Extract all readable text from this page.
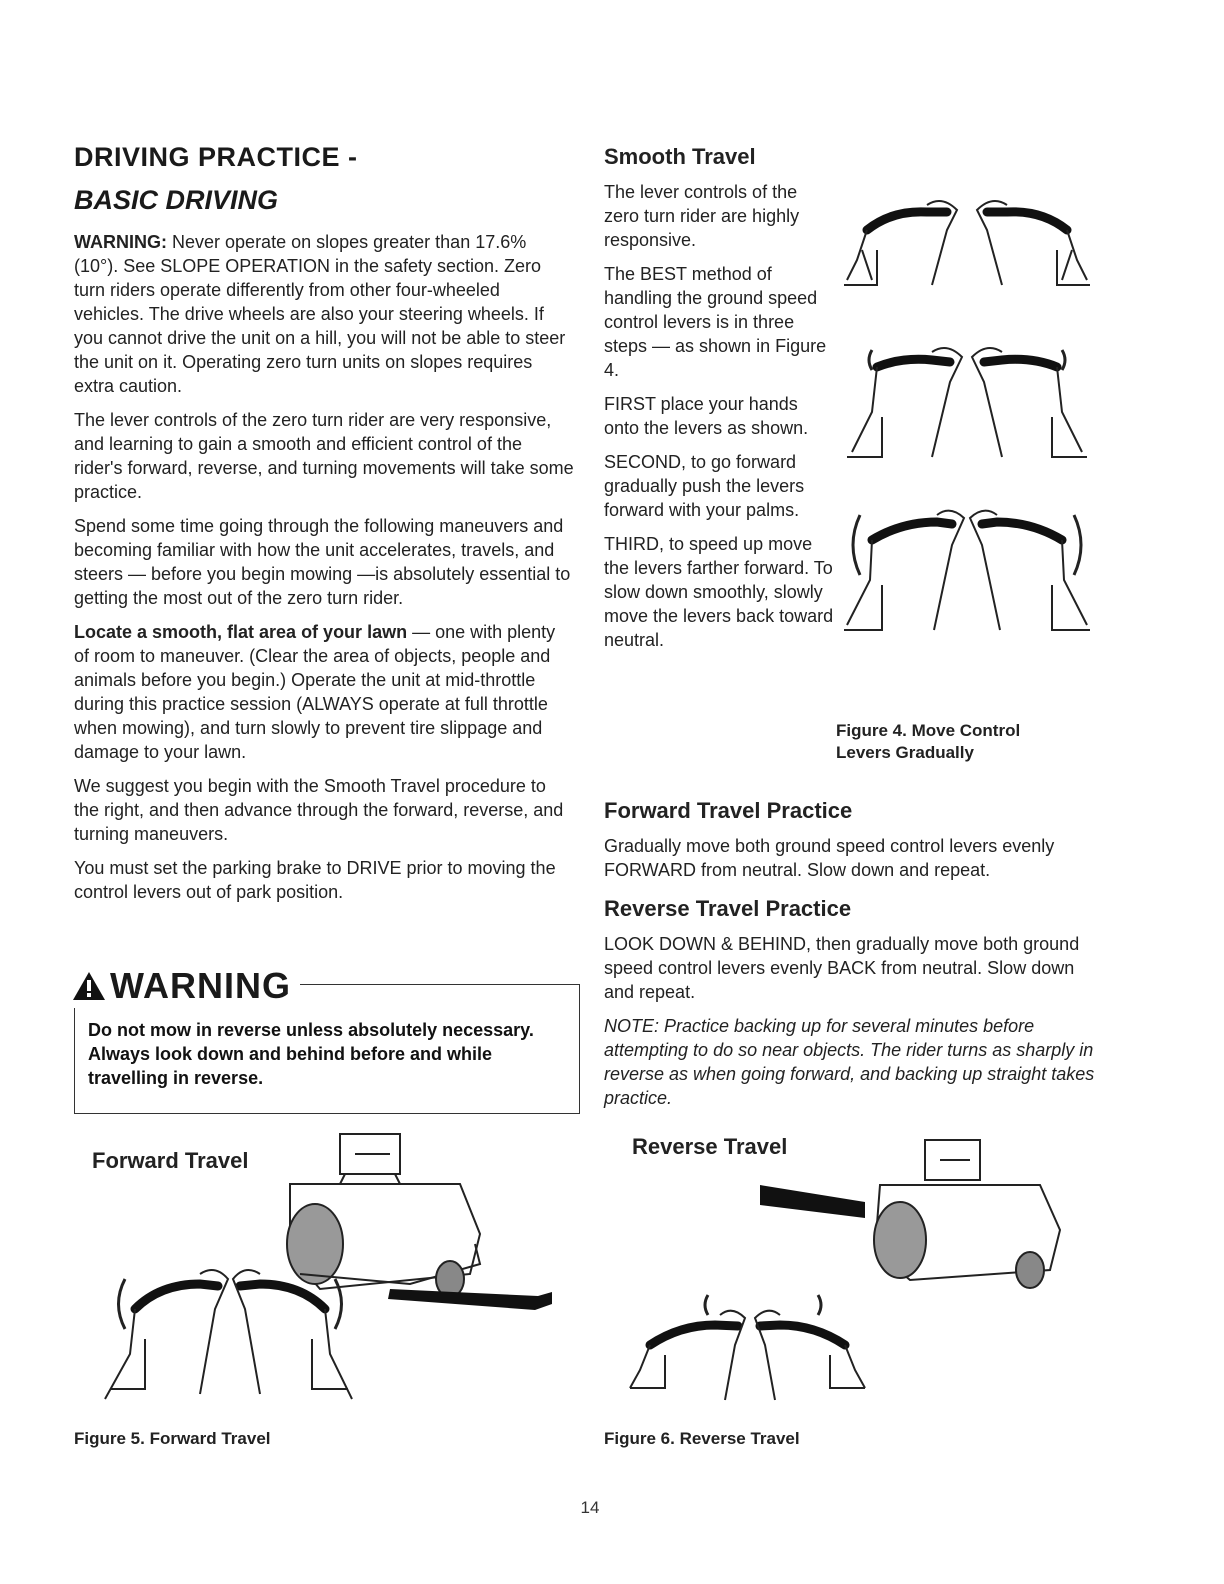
DRIVING PRACTICE -
BASIC DRIVING

WARNING: Never operate on slopes greater than 17.6% (10°). See SLOPE OPERATION in the safety section. Zero turn riders operate differently from other four-wheeled vehicles. The drive wheels are also your steering wheels. If you cannot drive the unit on a hill, you will not be able to steer the unit on it. Operating zero turn units on slopes requires extra caution.

The lever controls of the zero turn rider are very responsive, and learning to gain a smooth and efficient control of the rider's forward, reverse, and turning movements will take some practice.

Spend some time going through the following maneuvers and becoming familiar with how the unit accelerates, travels, and steers — before you begin mowing —is absolutely essential to getting the most out of the zero turn rider.

Locate a smooth, flat area of your lawn — one with plenty of room to maneuver. (Clear the area of objects, people and animals before you begin.) Operate the unit at mid-throttle during this practice session (ALWAYS operate at full throttle when mowing), and turn slowly to prevent tire slippage and damage to your lawn.

We suggest you begin with the Smooth Travel procedure to the right, and then advance through the forward, reverse, and turning maneuvers.

You must set the parking brake to DRIVE prior to moving the control levers out of park position.

WARNING
Do not mow in reverse unless absolutely necessary. Always look down and behind before and while travelling in reverse.
Smooth Travel

The lever controls of the zero turn rider are highly responsive.

The BEST method of handling the ground speed control levers is in three steps — as shown in Figure 4.

FIRST place your hands onto the levers as shown.

SECOND, to go forward gradually push the levers forward with your palms.

THIRD, to speed up move the levers farther forward. To slow down smoothly, slowly move the levers back toward neutral.

Figure 4. Move Control
Levers Gradually
Forward Travel Practice

Gradually move both ground speed control levers evenly FORWARD from neutral. Slow down and repeat.

Reverse Travel Practice

LOOK DOWN & BEHIND, then gradually move both ground speed control levers evenly BACK from neutral. Slow down and repeat.

NOTE: Practice backing up for several minutes before attempting to do so near objects. The rider turns as sharply in reverse as when going forward, and backing up straight takes practice.

Forward Travel
Figure 5. Forward Travel
Reverse Travel
Figure 6. Reverse Travel
14
